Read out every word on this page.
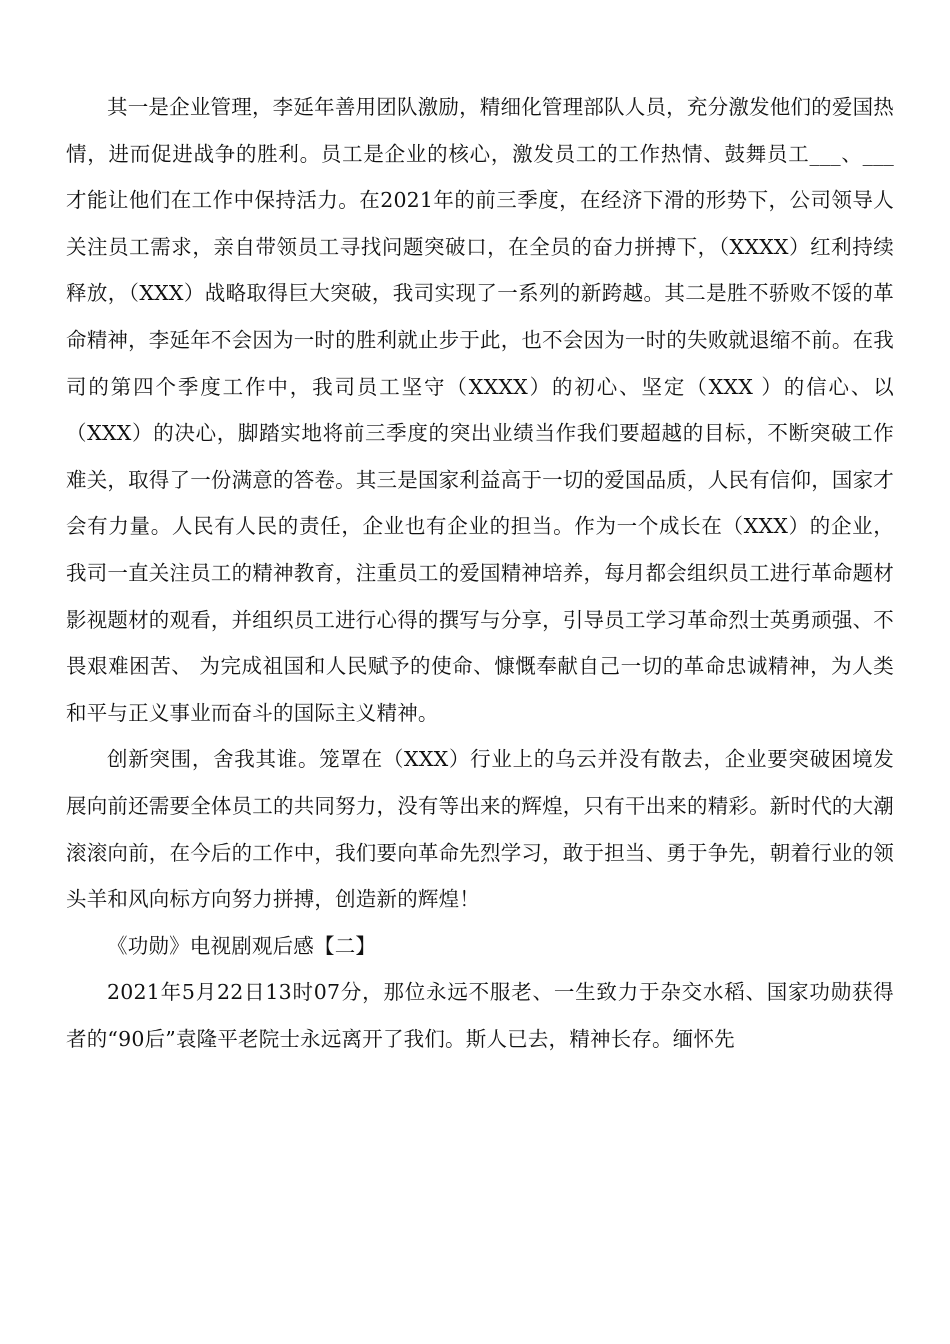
其一是企业管理，李延年善用团队激励，精细化管理部队人员，充分激发他们的爱国热情，进而促进战争的胜利。员工是企业的核心，激发员工的工作热情、鼓舞员工___、___才能让他们在工作中保持活力。在2021年的前三季度，在经济下滑的形势下，公司领导人关注员工需求，亲自带领员工寻找问题突破口，在全员的奋力拼搏下，（XXXX）红利持续释放，（XXX）战略取得巨大突破，我司实现了一系列的新跨越。其二是胜不骄败不馁的革命精神，李延年不会因为一时的胜利就止步于此，也不会因为一时的失败就退缩不前。在我司的第四个季度工作中，我司员工坚守（XXXX）的初心、坚定（XXX ）的信心、以（XXX）的决心，脚踏实地将前三季度的突出业绩当作我们要超越的目标，不断突破工作难关，取得了一份满意的答卷。其三是国家利益高于一切的爱国品质，人民有信仰，国家才会有力量。人民有人民的责任，企业也有企业的担当。作为一个成长在（XXX）的企业，我司一直关注员工的精神教育，注重员工的爱国精神培养，每月都会组织员工进行革命题材影视题材的观看，并组织员工进行心得的撰写与分享，引导员工学习革命烈士英勇顽强、不畏艰难困苦、 为完成祖国和人民赋予的使命、慷慨奉献自己一切的革命忠诚精神，为人类和平与正义事业而奋斗的国际主义精神。

创新突围，舍我其谁。笼罩在（XXX）行业上的乌云并没有散去，企业要突破困境发展向前还需要全体员工的共同努力，没有等出来的辉煌，只有干出来的精彩。新时代的大潮滚滚向前，在今后的工作中，我们要向革命先烈学习，敢于担当、勇于争先，朝着行业的领头羊和风向标方向努力拼搏，创造新的辉煌！

《功勋》电视剧观后感【二】

2021年5月22日13时07分，那位永远不服老、一生致力于杂交水稻、国家功勋获得者的“90后”袁隆平老院士永远离开了我们。斯人已去，精神长存。缅怀先
